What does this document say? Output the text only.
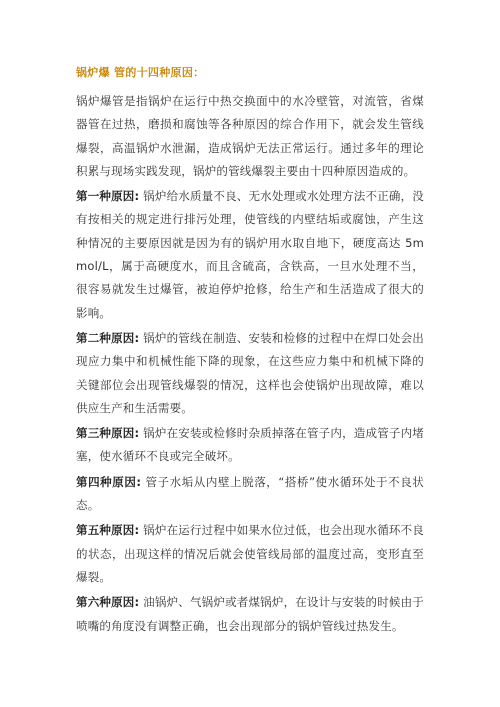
锅炉爆 管的十四种原因：

锅炉爆管是指锅炉在运行中热交换面中的水冷壁管，对流管，省煤器管在过热，磨损和腐蚀等各种原因的综合作用下，就会发生管线爆裂，高温锅炉水泄漏，造成锅炉无法正常运行。通过多年的理论积累与现场实践发现，锅炉的管线爆裂主要由十四种原因造成的。

第一种原因: 锅炉给水质量不良、无水处理或水处理方法不正确，没有按相关的规定进行排污处理，使管线的内壁结垢或腐蚀，产生这种情况的主要原因就是因为有的锅炉用水取自地下，硬度高达 5mmol/L，属于高硬度水，而且含硫高，含铁高，一旦水处理不当，很容易就发生过爆管，被迫停炉抢修，给生产和生活造成了很大的影响。

第二种原因: 锅炉的管线在制造、安装和检修的过程中在焊口处会出现应力集中和机械性能下降的现象，在这些应力集中和机械下降的关键部位会出现管线爆裂的情况，这样也会使锅炉出现故障，难以供应生产和生活需要。

第三种原因: 锅炉在安装或检修时杂质掉落在管子内，造成管子内堵塞，使水循环不良或完全破坏。

第四种原因: 管子水垢从内壁上脱落，“搭桥”使水循环处于不良状态。

第五种原因: 锅炉在运行过程中如果水位过低，也会出现水循环不良的状态，出现这样的情况后就会使管线局部的温度过高，变形直至爆裂。

第六种原因: 油锅炉、气锅炉或者煤锅炉，在设计与安装的时候由于喷嘴的角度没有调整正确，也会出现部分的锅炉管线过热发生。
